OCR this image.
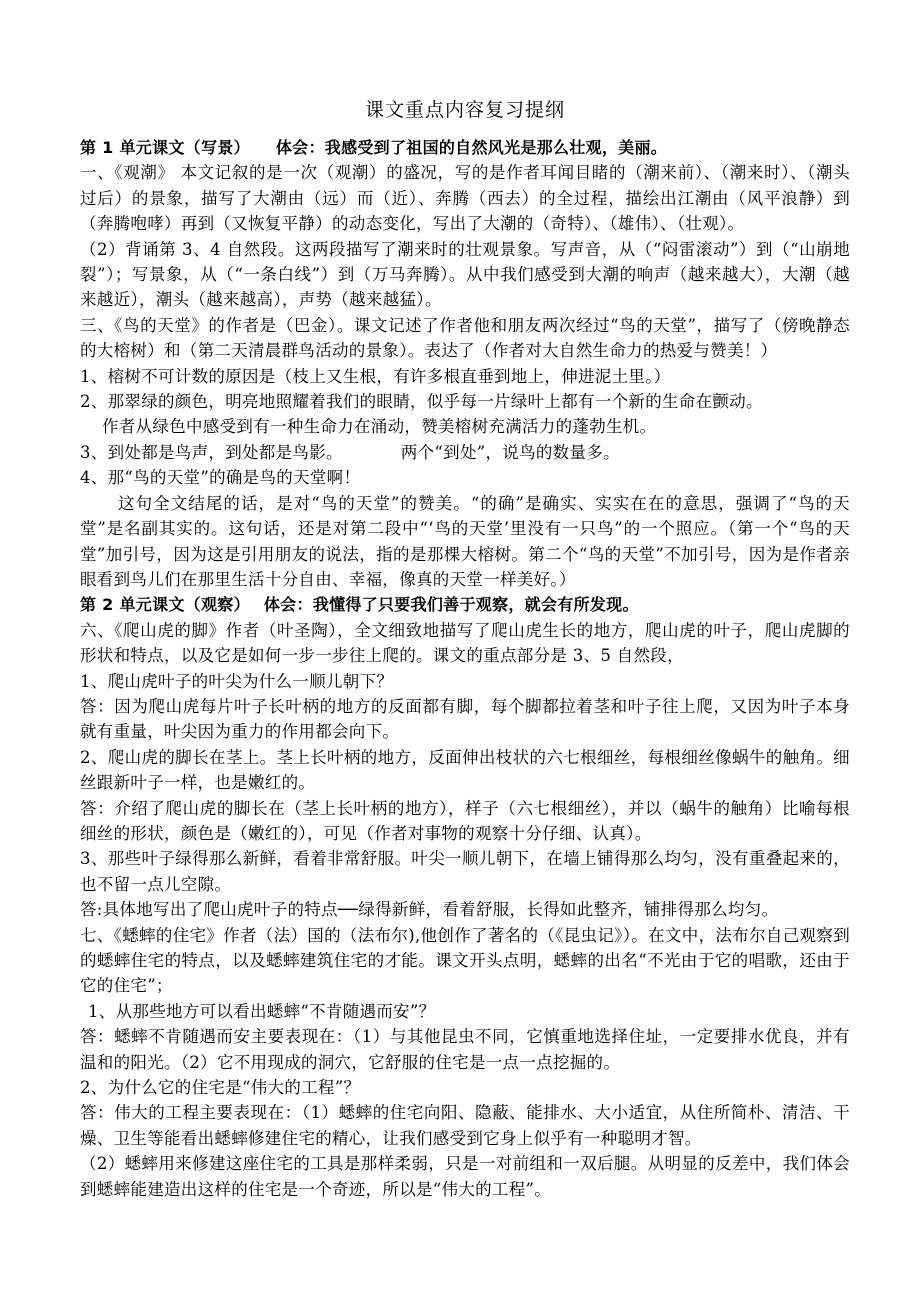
课文重点内容复习提纲

第 1 单元课文（写景） 体会：我感受到了祖国的自然风光是那么壮观，美丽。

一、《观潮》 本文记叙的是一次（观潮）的盛况，写的是作者耳闻目睹的（潮来前）、（潮来时）、（潮头过后）的景象，描写了大潮由（远）而（近）、奔腾（西去）的全过程，描绘出江潮由（风平浪静）到（奔腾咆哮）再到（又恢复平静）的动态变化，写出了大潮的（奇特）、（雄伟）、（壮观）。

（2）背诵第 3、4 自然段。这两段描写了潮来时的壮观景象。写声音，从（“闷雷滚动”）到（“山崩地裂”）；写景象，从（“一条白线”）到（万马奔腾）。从中我们感受到大潮的响声（越来越大），大潮（越来越近），潮头（越来越高），声势（越来越猛）。

三、《鸟的天堂》的作者是（巴金）。课文记述了作者他和朋友两次经过“鸟的天堂”，描写了（傍晚静态的大榕树）和（第二天清晨群鸟活动的景象）。表达了（作者对大自然生命力的热爱与赞美！）

1、榕树不可计数的原因是（枝上又生根，有许多根直垂到地上，伸进泥土里。）

2、那翠绿的颜色，明亮地照耀着我们的眼睛，似乎每一片绿叶上都有一个新的生命在颤动。

作者从绿色中感受到有一种生命力在涌动，赞美榕树充满活力的蓬勃生机。

3、到处都是鸟声，到处都是鸟影。	两个“到处”，说鸟的数量多。

4、那“鸟的天堂”的确是鸟的天堂啊！

这句全文结尾的话，是对“鸟的天堂”的赞美。“的确”是确实、实实在在的意思，强调了“鸟的天堂”是名副其实的。这句话，还是对第二段中“‘鸟的天堂’里没有一只鸟”的一个照应。（第一个“鸟的天堂”加引号，因为这是引用朋友的说法，指的是那棵大榕树。第二个“鸟的天堂”不加引号，因为是作者亲眼看到鸟儿们在那里生活十分自由、幸福，像真的天堂一样美好。）

第 2 单元课文（观察） 体会：我懂得了只要我们善于观察，就会有所发现。

六、《爬山虎的脚》作者（叶圣陶），全文细致地描写了爬山虎生长的地方，爬山虎的叶子，爬山虎脚的形状和特点，以及它是如何一步一步往上爬的。课文的重点部分是 3、5 自然段，

1、爬山虎叶子的叶尖为什么一顺儿朝下？

答：因为爬山虎每片叶子长叶柄的地方的反面都有脚，每个脚都拉着茎和叶子往上爬，又因为叶子本身就有重量，叶尖因为重力的作用都会向下。

2、爬山虎的脚长在茎上。茎上长叶柄的地方，反面伸出枝状的六七根细丝，每根细丝像蜗牛的触角。细丝跟新叶子一样，也是嫩红的。

答：介绍了爬山虎的脚长在（茎上长叶柄的地方），样子（六七根细丝），并以（蜗牛的触角）比喻每根细丝的形状，颜色是（嫩红的），可见（作者对事物的观察十分仔细、认真）。

3、那些叶子绿得那么新鲜，看着非常舒服。叶尖一顺儿朝下，在墙上铺得那么均匀，没有重叠起来的，也不留一点儿空隙。

答:具体地写出了爬山虎叶子的特点──绿得新鲜，看着舒服，长得如此整齐，铺排得那么均匀。

七、《蟋蟀的住宅》作者（法）国的（法布尔),他创作了著名的（《昆虫记》）。在文中，法布尔自己观察到的蟋蟀住宅的特点，以及蟋蟀建筑住宅的才能。课文开头点明，蟋蟀的出名“不光由于它的唱歌，还由于它的住宅”；

1、从那些地方可以看出蟋蟀“不肯随遇而安”？

答：蟋蟀不肯随遇而安主要表现在：（1）与其他昆虫不同，它慎重地选择住址，一定要排水优良，并有温和的阳光。（2）它不用现成的洞穴，它舒服的住宅是一点一点挖掘的。

2、为什么它的住宅是“伟大的工程”？

答：伟大的工程主要表现在：（1）蟋蟀的住宅向阳、隐蔽、能排水、大小适宜，从住所简朴、清洁、干燥、卫生等能看出蟋蟀修建住宅的精心，让我们感受到它身上似乎有一种聪明才智。

（2）蟋蟀用来修建这座住宅的工具是那样柔弱，只是一对前组和一双后腿。从明显的反差中，我们体会到蟋蟀能建造出这样的住宅是一个奇迹，所以是“伟大的工程”。
